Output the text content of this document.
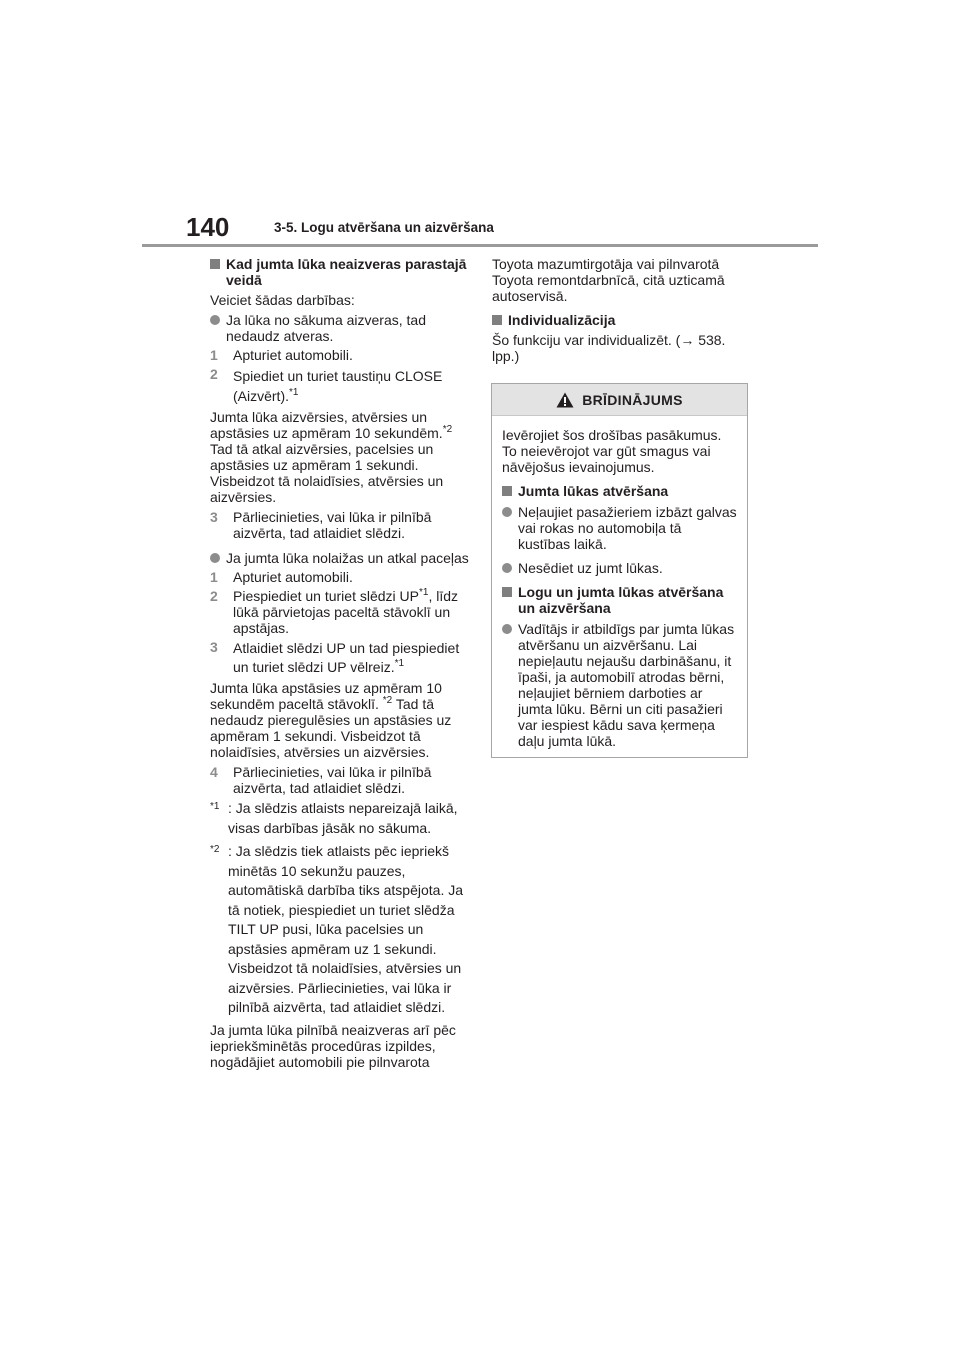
140	3-5. Logu atvēršana un aizvēršana
Kad jumta lūka neaizveras parastajā veidā
Veiciet šādas darbības:
Ja lūka no sākuma aizveras, tad nedaudz atveras.
1 Apturiet automobili.
2 Spiediet un turiet taustiņu CLOSE (Aizvērt).$^{*1}$
Jumta lūka aizvērsies, atvērsies un apstāsies uz apmēram 10 sekundēm.$^{*2}$ Tad tā atkal aizvērsies, pacelsies un apstāsies uz apmēram 1 sekundi. Visbeidzot tā nolaidīsies, atvērsies un aizvērsies.
3 Pārliecinieties, vai lūka ir pilnībā aizvērta, tad atlaidiet slēdzi.
Ja jumta lūka nolaižas un atkal paceļas
1 Apturiet automobili.
2 Piespiediet un turiet slēdzi UP$^{*1}$, līdz lūkā pārvietojas paceltā stāvoklī un apstājas.
3 Atlaidiet slēdzi UP un tad piespiediet un turiet slēdzi UP vēlreiz.$^{*1}$
Jumta lūka apstāsies uz apmēram 10 sekundēm paceltā stāvoklī. $^{*2}$ Tad tā nedaudz pieregulēsies un apstāsies uz apmēram 1 sekundi. Visbeidzot tā nolaidīsies, atvērsies un aizvērsies.
4 Pārliecinieties, vai lūka ir pilnībā aizvērta, tad atlaidiet slēdzi.
*1 : Ja slēdzis atlaists nepareizajā laikā, visas darbības jāsāk no sākuma.
*2 : Ja slēdzis tiek atlaists pēc iepriekš minētās 10 sekunžu pauzes, automātiskā darbība tiks atspējota. Ja tā notiek, piespiediet un turiet slēdža TILT UP pusi, lūka pacelsies un apstāsies apmēram uz 1 sekundi. Visbeidzot tā nolaidīsies, atvērsies un aizvērsies. Pārliecinieties, vai lūka ir pilnībā aizvērta, tad atlaidiet slēdzi.
Ja jumta lūka pilnībā neaizveras arī pēc iepriekšminētās procedūras izpildes, nogādājiet automobili pie pilnvarota
Toyota mazumtirgotāja vai pilnvarotā Toyota remontdarbnīcā, citā uzticamā autoservisā.
Individualizācija
Šo funkciju var individualizēt. (→ 538. lpp.)
BRĪDINĀJUMS
Ievērojiet šos drošības pasākumus. To neievērojot var gūt smagus vai nāvējošus ievainojumus.
Jumta lūkas atvēršana
Neļaujiet pasažieriem izbāzt galvas vai rokas no automobiļa tā kustības laikā.
Nesēdiet uz jumt lūkas.
Logu un jumta lūkas atvēršana un aizvēršana
Vadītājs ir atbildīgs par jumta lūkas atvēršanu un aizvēršanu. Lai nepieļautu nejaušu darbināšanu, it īpaši, ja automobilī atrodas bērni, neļaujiet bērniem darboties ar jumta lūku. Bērni un citi pasažieri var iespiest kādu sava ķermeņa daļu jumta lūkā.
